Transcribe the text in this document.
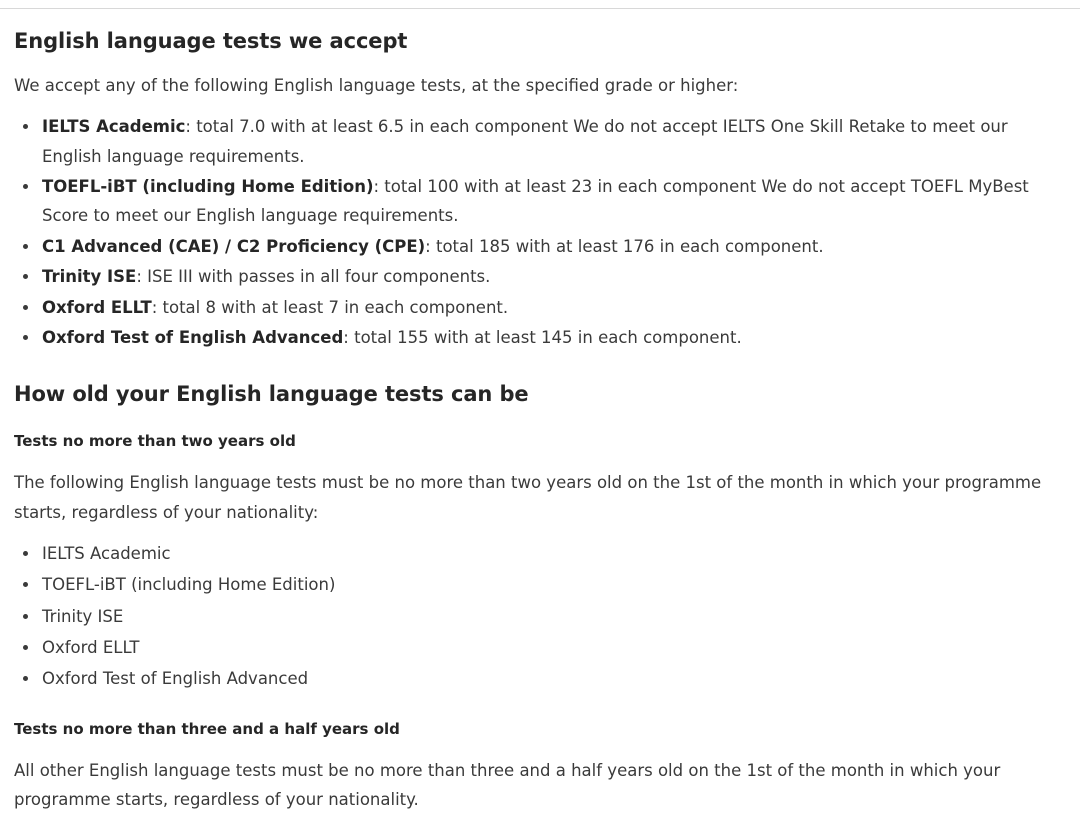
English language tests we accept

We accept any of the following English language tests, at the specified grade or higher:

• IELTS Academic: total 7.0 with at least 6.5 in each component We do not accept IELTS One Skill Retake to meet our English language requirements.
• TOEFL-iBT (including Home Edition): total 100 with at least 23 in each component We do not accept TOEFL MyBest Score to meet our English language requirements.
• C1 Advanced (CAE) / C2 Proficiency (CPE): total 185 with at least 176 in each component.
• Trinity ISE: ISE III with passes in all four components.
• Oxford ELLT: total 8 with at least 7 in each component.
• Oxford Test of English Advanced: total 155 with at least 145 in each component.
How old your English language tests can be
Tests no more than two years old

The following English language tests must be no more than two years old on the 1st of the month in which your programme starts, regardless of your nationality:

• IELTS Academic
• TOEFL-iBT (including Home Edition)
• Trinity ISE
• Oxford ELLT
• Oxford Test of English Advanced
Tests no more than three and a half years old

All other English language tests must be no more than three and a half years old on the 1st of the month in which your programme starts, regardless of your nationality.
